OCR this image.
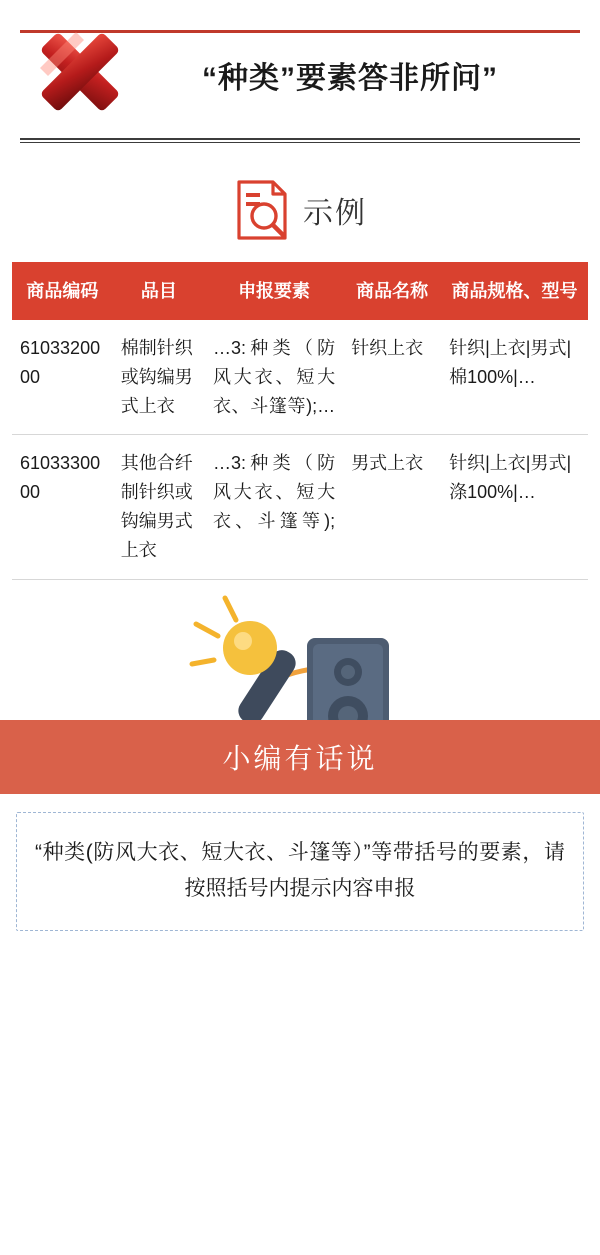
“种类”要素答非所问”
示例
商品编码	品目	申报要素	商品名称	商品规格、型号
6103320000	棉制针织或钩编男式上衣	…3:种类（防风大衣、短大衣、斗篷等);…	针织上衣	针织|上衣|男式|棉100%|…
6103330000	其他合纤制针织或钩编男式上衣	…3:种类（防风大衣、短大衣、斗篷等);	男式上衣	针织|上衣|男式|涤100%|…
小编有话说

“种类(防风大衣、短大衣、斗篷等）”等带括号的要素，请按照括号内提示内容申报
